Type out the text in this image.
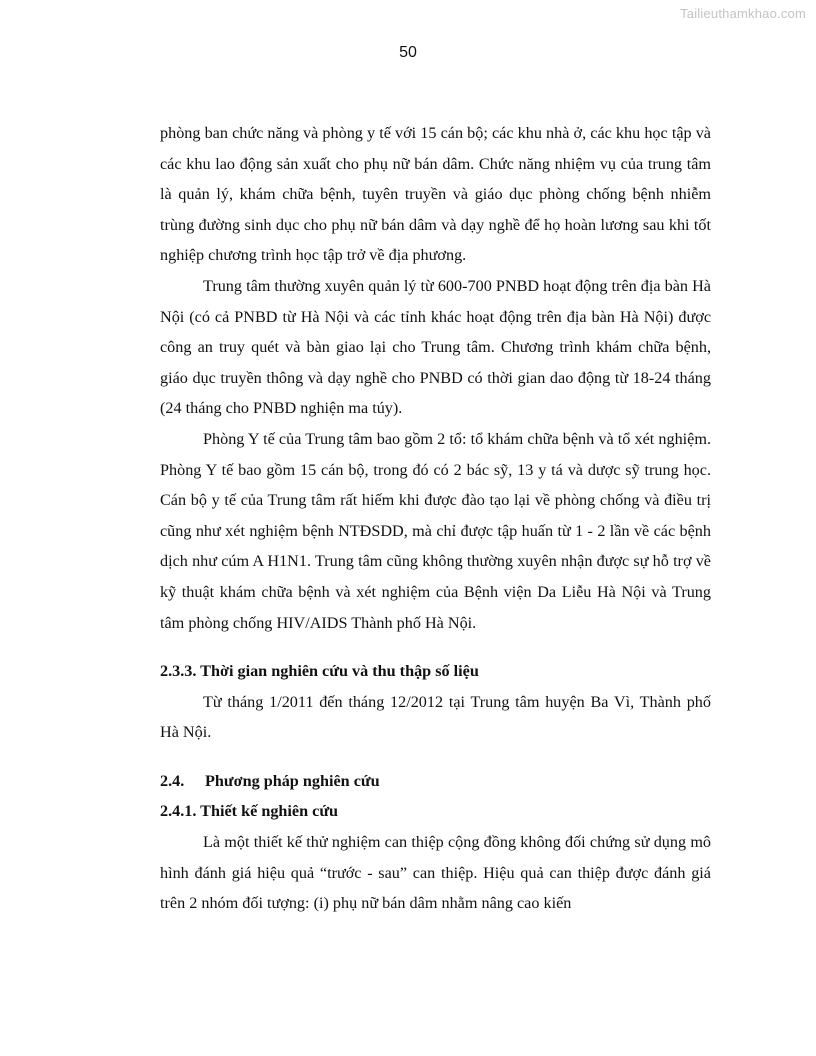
Tailieuthamkhao.com
50

phòng ban chức năng và phòng y tế với 15 cán bộ; các khu nhà ở, các khu học tập và các khu lao động sản xuất cho phụ nữ bán dâm. Chức năng nhiệm vụ của trung tâm là quản lý, khám chữa bệnh, tuyên truyền và giáo dục phòng chống bệnh nhiễm trùng đường sinh dục cho phụ nữ bán dâm và dạy nghề để họ hoàn lương sau khi tốt nghiệp chương trình học tập trở về địa phương.

Trung tâm thường xuyên quản lý từ 600-700 PNBD hoạt động trên địa bàn Hà Nội (có cả PNBD từ Hà Nội và các tỉnh khác hoạt động trên địa bàn Hà Nội) được công an truy quét và bàn giao lại cho Trung tâm. Chương trình khám chữa bệnh, giáo dục truyền thông và dạy nghề cho PNBD có thời gian dao động từ 18-24 tháng (24 tháng cho PNBD nghiện ma túy).

Phòng Y tế của Trung tâm bao gồm 2 tổ: tổ khám chữa bệnh và tổ xét nghiệm. Phòng Y tế bao gồm 15 cán bộ, trong đó có 2 bác sỹ, 13 y tá và dược sỹ trung học. Cán bộ y tế của Trung tâm rất hiếm khi được đào tạo lại về phòng chống và điều trị cũng như xét nghiệm bệnh NTĐSDD, mà chỉ được tập huấn từ 1 - 2 lần về các bệnh dịch như cúm A H1N1. Trung tâm cũng không thường xuyên nhận được sự hỗ trợ về kỹ thuật khám chữa bệnh và xét nghiệm của Bệnh viện Da Liễu Hà Nội và Trung tâm phòng chống HIV/AIDS Thành phố Hà Nội.

2.3.3. Thời gian nghiên cứu và thu thập số liệu

Từ tháng 1/2011 đến tháng 12/2012 tại Trung tâm huyện Ba Vì, Thành phố Hà Nội.

2.4. Phương pháp nghiên cứu

2.4.1. Thiết kế nghiên cứu

Là một thiết kế thử nghiệm can thiệp cộng đồng không đối chứng sử dụng mô hình đánh giá hiệu quả “trước - sau” can thiệp. Hiệu quả can thiệp được đánh giá trên 2 nhóm đối tượng: (i) phụ nữ bán dâm nhằm nâng cao kiến
